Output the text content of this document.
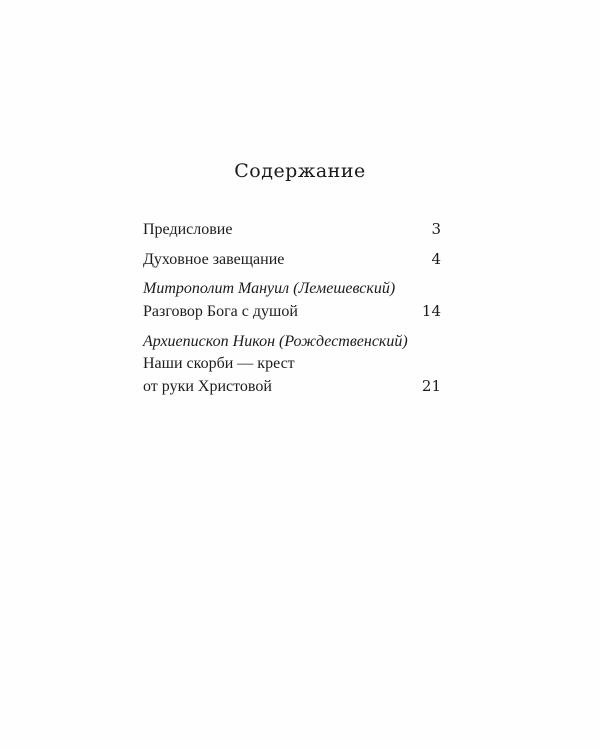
Содержание
Предисловие	3
Духовное завещание	4
Митрополит Мануил (Лемешевский)
Разговор Бога с душой	14
Архиепископ Никон (Рождественский)
Наши скорби — крест
от руки Христовой	21
